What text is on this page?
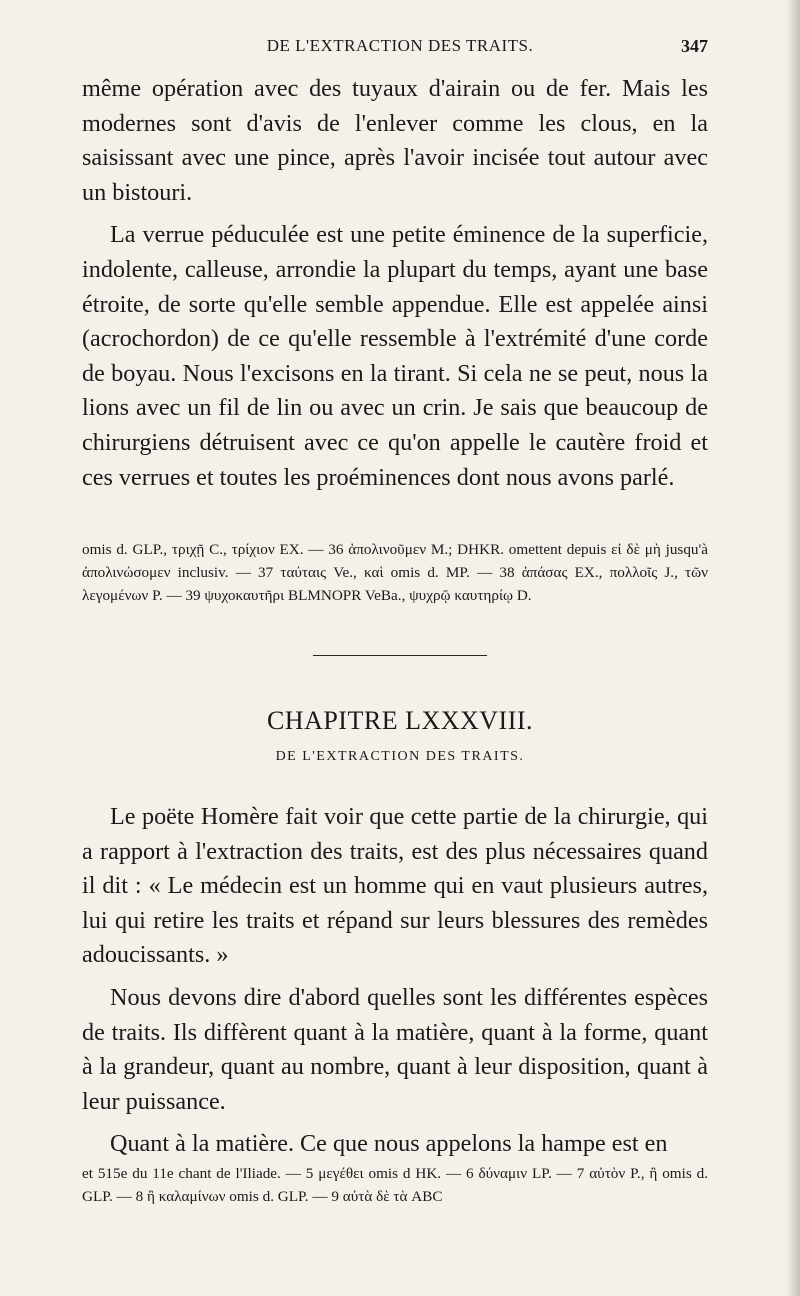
DE L'EXTRACTION DES TRAITS.	347

même opération avec des tuyaux d'airain ou de fer. Mais les modernes sont d'avis de l'enlever comme les clous, en la saisissant avec une pince, après l'avoir incisée tout autour avec un bistouri.

La verrue péduculée est une petite éminence de la superficie, indolente, calleuse, arrondie la plupart du temps, ayant une base étroite, de sorte qu'elle semble appendue. Elle est appelée ainsi (acrochordon) de ce qu'elle ressemble à l'extrémité d'une corde de boyau. Nous l'excisons en la tirant. Si cela ne se peut, nous la lions avec un fil de lin ou avec un crin. Je sais que beaucoup de chirurgiens détruisent avec ce qu'on appelle le cautère froid et ces verrues et toutes les proéminences dont nous avons parlé.

omis d. GLP., τριχῇ C., τρίχιον EX. — 36 ἀπολινοῦμεν M.; DHKR. omettent depuis εἰ δὲ μὴ jusqu'à ἀπολινώσομεν inclusiv. — 37 ταύταις Ve., καὶ omis d. MP. — 38 ἁπάσας EX., πολλοῖς J., τῶν λεγομένων P. — 39 ψυχοκαυτῆρι BLMNOPR VeBa., ψυχρῷ καυτηρίῳ D.

CHAPITRE LXXXVIII.
DE L'EXTRACTION DES TRAITS.

Le poëte Homère fait voir que cette partie de la chirurgie, qui a rapport à l'extraction des traits, est des plus nécessaires quand il dit : « Le médecin est un homme qui en vaut plusieurs autres, lui qui retire les traits et répand sur leurs blessures des remèdes adoucissants. »

Nous devons dire d'abord quelles sont les différentes espèces de traits. Ils diffèrent quant à la matière, quant à la forme, quant à la grandeur, quant au nombre, quant à leur disposition, quant à leur puissance.

Quant à la matière. Ce que nous appelons la hampe est en

et 515e du 11e chant de l'Iliade. — 5 μεγέθει omis d HK. — 6 δύναμιν LP. — 7 αὐτὸν P., ἢ omis d. GLP. — 8 ἢ καλαμίνων omis d. GLP. — 9 αὐτὰ δὲ τὰ ABC
